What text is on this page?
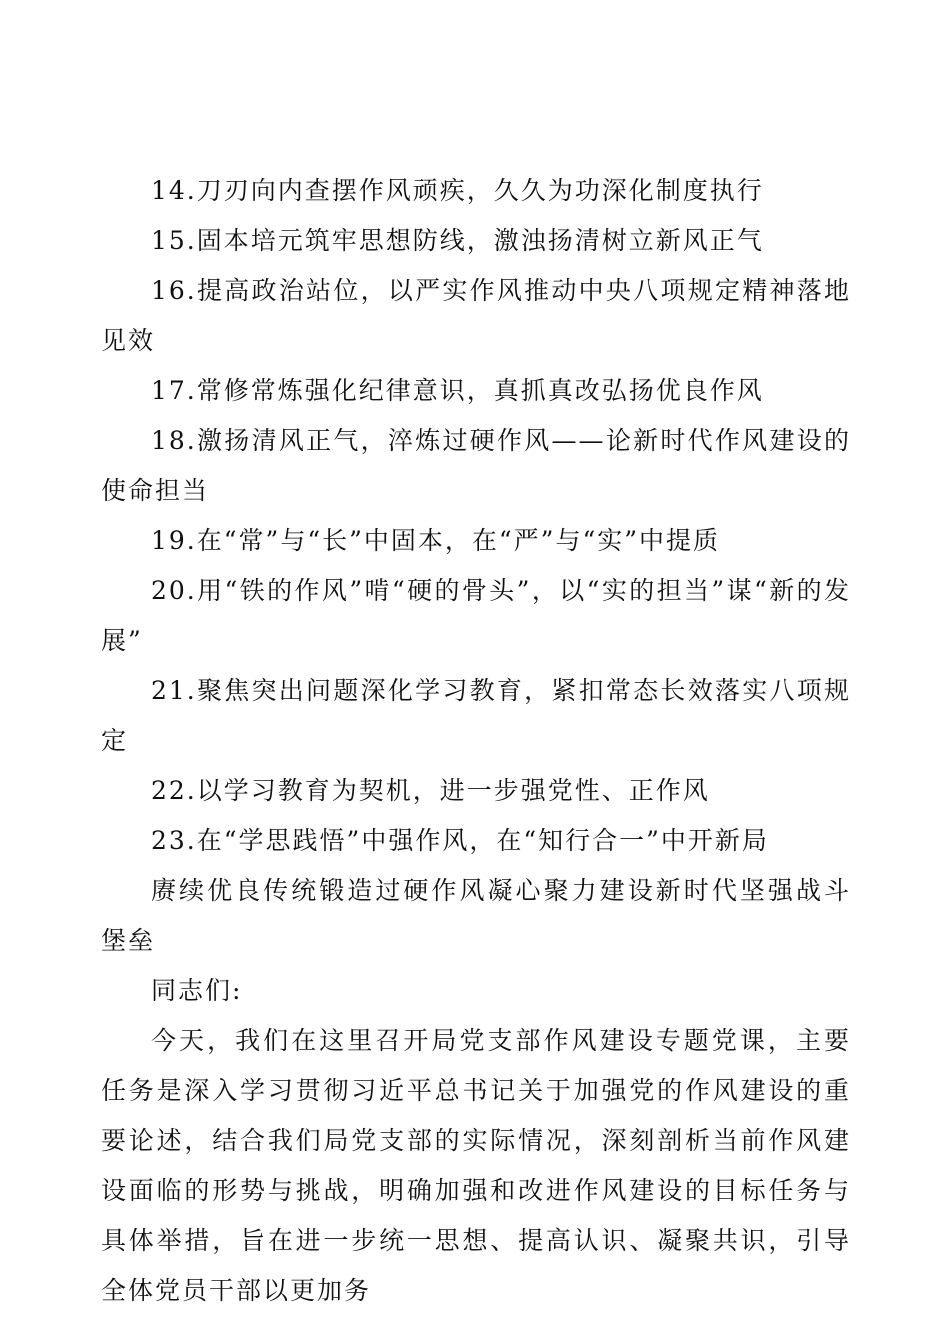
14.刀刃向内查摆作风顽疾，久久为功深化制度执行

15.固本培元筑牢思想防线，激浊扬清树立新风正气

16.提高政治站位，以严实作风推动中央八项规定精神落地见效

17.常修常炼强化纪律意识，真抓真改弘扬优良作风

18.激扬清风正气，淬炼过硬作风——论新时代作风建设的使命担当

19.在“常”与“长”中固本，在“严”与“实”中提质

20.用“铁的作风”啃“硬的骨头”，以“实的担当”谋“新的发展”

21.聚焦突出问题深化学习教育，紧扣常态长效落实八项规定

22.以学习教育为契机，进一步强党性、正作风

23.在“学思践悟”中强作风，在“知行合一”中开新局

赓续优良传统锻造过硬作风凝心聚力建设新时代坚强战斗堡垒

同志们:

今天，我们在这里召开局党支部作风建设专题党课，主要任务是深入学习贯彻习近平总书记关于加强党的作风建设的重要论述，结合我们局党支部的实际情况，深刻剖析当前作风建设面临的形势与挑战，明确加强和改进作风建设的目标任务与具体举措，旨在进一步统一思想、提高认识、凝聚共识，引导全体党员干部以更加务
